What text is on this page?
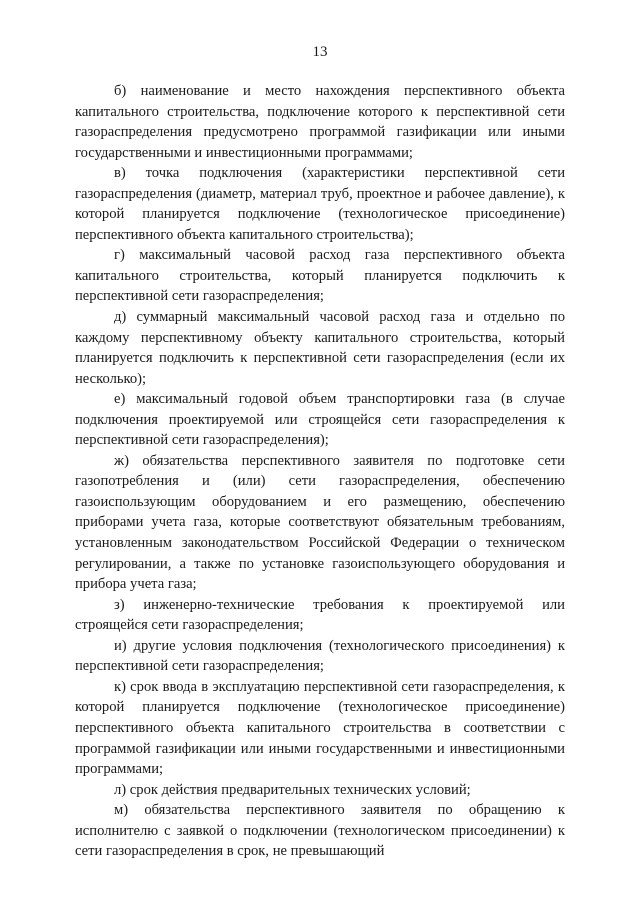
13

б) наименование и место нахождения перспективного объекта капитального строительства, подключение которого к перспективной сети газораспределения предусмотрено программой газификации или иными государственными и инвестиционными программами;

в) точка подключения (характеристики перспективной сети газораспределения (диаметр, материал труб, проектное и рабочее давление), к которой планируется подключение (технологическое присоединение) перспективного объекта капитального строительства);

г) максимальный часовой расход газа перспективного объекта капитального строительства, который планируется подключить к перспективной сети газораспределения;

д) суммарный максимальный часовой расход газа и отдельно по каждому перспективному объекту капитального строительства, который планируется подключить к перспективной сети газораспределения (если их несколько);

е) максимальный годовой объем транспортировки газа (в случае подключения проектируемой или строящейся сети газораспределения к перспективной сети газораспределения);

ж) обязательства перспективного заявителя по подготовке сети газопотребления и (или) сети газораспределения, обеспечению газоиспользующим оборудованием и его размещению, обеспечению приборами учета газа, которые соответствуют обязательным требованиям, установленным законодательством Российской Федерации о техническом регулировании, а также по установке газоиспользующего оборудования и прибора учета газа;

з) инженерно-технические требования к проектируемой или строящейся сети газораспределения;

и) другие условия подключения (технологического присоединения) к перспективной сети газораспределения;

к) срок ввода в эксплуатацию перспективной сети газораспределения, к которой планируется подключение (технологическое присоединение) перспективного объекта капитального строительства в соответствии с программой газификации или иными государственными и инвестиционными программами;

л) срок действия предварительных технических условий;

м) обязательства перспективного заявителя по обращению к исполнителю с заявкой о подключении (технологическом присоединении) к сети газораспределения в срок, не превышающий
